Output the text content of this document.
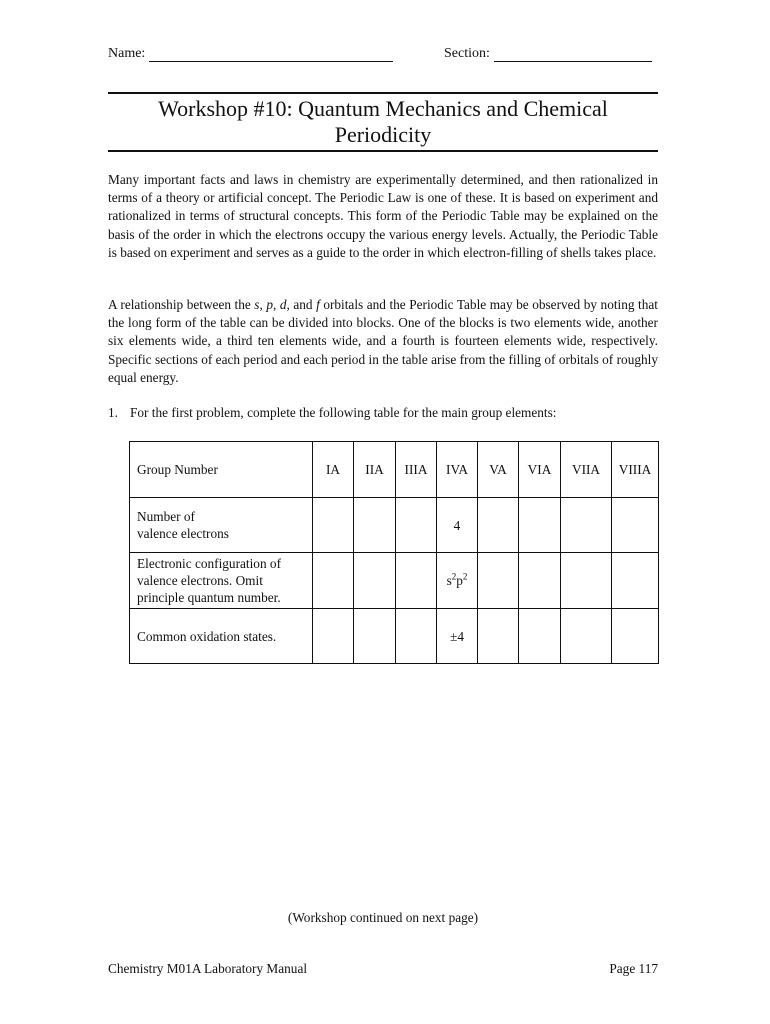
Name:	Section:
Workshop #10: Quantum Mechanics and Chemical
Periodicity

Many important facts and laws in chemistry are experimentally determined, and then rationalized in terms of a theory or artificial concept. The Periodic Law is one of these. It is based on experiment and rationalized in terms of structural concepts. This form of the Periodic Table may be explained on the basis of the order in which the electrons occupy the various energy levels. Actually, the Periodic Table is based on experiment and serves as a guide to the order in which electron-filling of shells takes place.

A relationship between the s, p, d, and f orbitals and the Periodic Table may be observed by noting that the long form of the table can be divided into blocks. One of the blocks is two elements wide, another six elements wide, a third ten elements wide, and a fourth is fourteen elements wide, respectively. Specific sections of each period and each period in the table arise from the filling of orbitals of roughly equal energy.

1. For the first problem, complete the following table for the main group elements:
Group Number	IA	IIA	IIIA	IVA	VA	VIA	VIIA	VIIIA
Number of
valence electrons				4				
Electronic configuration of
valence electrons. Omit
principle quantum number.				$s^2p^2$				
Common oxidation states.				±4				
(Workshop continued on next page)
Chemistry M01A Laboratory Manual	Page 117
